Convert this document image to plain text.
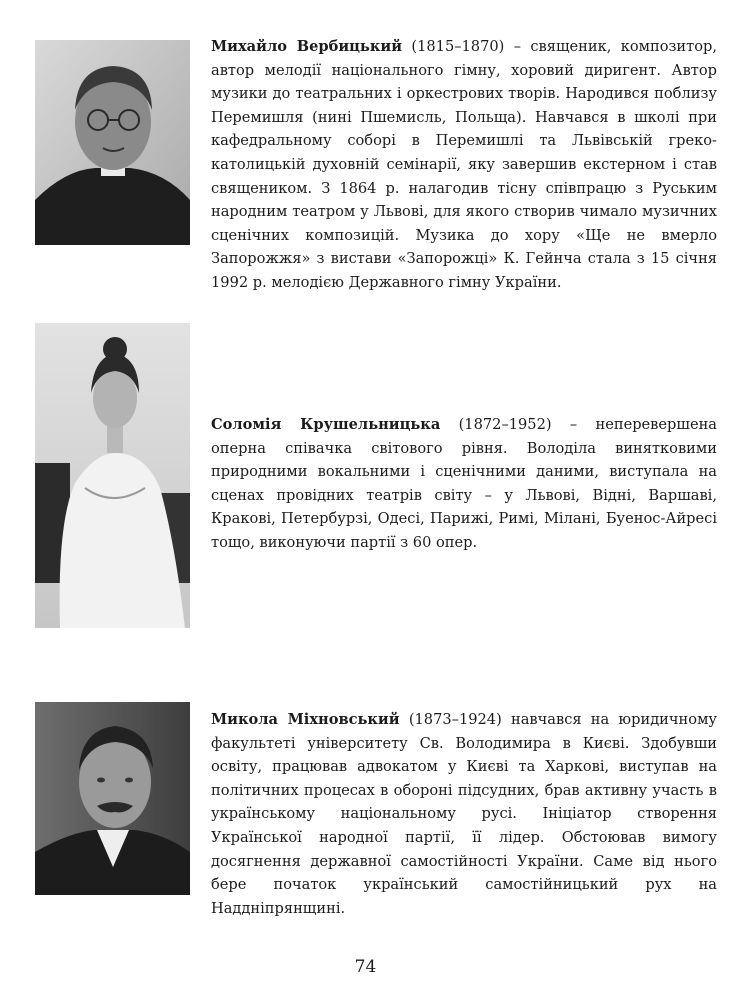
Михайло Вербицький (1815–1870) – священик, композитор, автор мелодії національного гімну, хоровий диригент. Автор музики до театральних і оркестрових творів. Народився поблизу Перемишля (нині Пшемисль, Польща). Навчався в школі при кафедральному соборі в Перемишлі та Львівській греко-католицькій духовній семінарії, яку завершив екстерном і став священиком. З 1864 р. налагодив тісну співпрацю з Руським народним театром у Львові, для якого створив чимало музичних сценічних композицій. Музика до хору «Ще не вмерло Запорожжя» з вистави «Запорожці» К. Гейнча стала з 15 січня 1992 р. мелодією Державного гімну України.

Соломія Крушельницька (1872–1952) – неперевершена оперна співачка світового рівня. Володіла винятковими природними вокальними і сценічними даними, виступала на сценах провідних театрів світу – у Львові, Відні, Варшаві, Кракові, Петербурзі, Одесі, Парижі, Римі, Мілані, Буенос-Айресі тощо, виконуючи партії з 60 опер.

Микола Міхновський (1873–1924) навчався на юридичному факультеті університету Св. Володимира в Києві. Здобувши освіту, працював адвокатом у Києві та Харкові, виступав на політичних процесах в обороні підсудних, брав активну участь в українському національному русі. Ініціатор створення Української народної партії, її лідер. Обстоював вимогу досягнення державної самостійності України. Саме від нього бере початок український самостійницький рух на Наддніпрянщині.

74
